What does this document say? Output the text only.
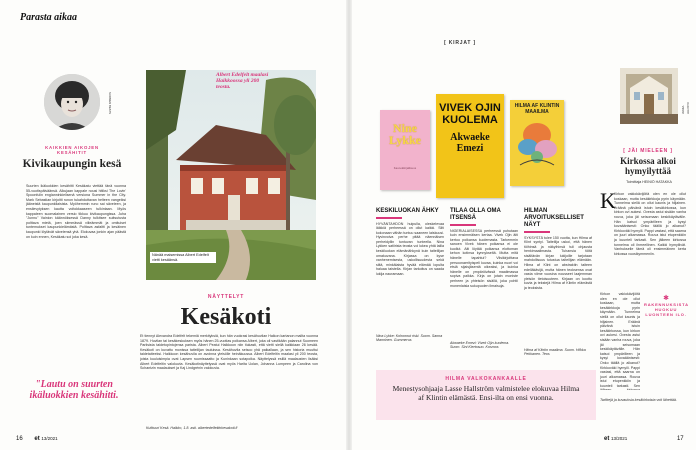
Parasta aikaa
SUOMEN BEATS
KAIKKIEN AIKOJEN KESÄHITIT
Kivikaupungin kesä
Suurten ikäluokkien kesähitti Kesäkatu viettää tänä vuonna 55-vuotispäiväänsä. Alkujaan kappale nousi hitiksi The Lovin' Spoonfulin englanninkielisenä versiona Summer in the City. Mark Sebastian kirjoitti runon tukahduttavan helteen vangeiksi jääneistä kaupunkilaisista. Myöhemmin runo sai säveleen, ja ensilevytyksen kautta voitokkaaseen tulkintaan. Myös kappaleen suomalainen versio tikkuu kivikaupungissa. Juha "Junnu" Vainion käännöksessä Danny tulkitsee suitsutusta polttava mietä, joen siimmässä viileämmät ja omituiset tuntemukset kaupunkielämästä. Polttava asfaltti ja kesäinen kaupunki löytävät sävelensä yhä. Elokuvaa jonkin ajan päästä on kuin ennen, Kesäkatu soi joka kesä.
"Lautu on suurten ikäluokkien kesähitti.
Nänää maisemissa Albert Edelfelt vietti kesäänsä.
Albert Edelfelt maalasi Haikkoossa yli 200 teosta.
NÄYTTELYT
Kesäkoti
Et tiennyt Alexandra Edelfelt tekemiä merkityksiä, kun hän vuokrasi kesähuvilan Haikon kartanon mailta vuonna 1879. Huvilan tai kesäkeskuksen myös hänen 25-vuotias poikansa Albert, joka oli vastikään palannut Suomeen Pariisista taidetopintojensa parista. Albert Peatui Haikkoon niin tiukasti, että vietti siellä kaikkiaan 26 kesää. Kesäkoti on kuvattu monissa taiteilijan tauluissa. Kesähuvila seisoo yhä paikallaan, ja sen historia muuttui taidetaiteeksi. Haikkoon kesähuvila on avoinna yleisölle heinäkuussa. Albert Edelfeltin maalasi yli 200 teosta, joista kuuluisimpia ovat Lapsen ruumissaatto ja Kuninkaan sotapoika. Näyttelyssä esillä maalausten lisäksi Albert Edelfeltin valokuvia. Kesäkotinäyttelyssä ovat myös Harita Uolan, Johanna Lumpeen ja Carolina von Schantzin maalaukset ja Kaj Lindgrénin valokuvia.
Kulttuuri Kesä. Haikko, 1.8. asti. albertedelfeltinkesakoti.fi
16 et 13/2021
[ KIRJAT ]
Nine Lykke
Kaunokkirjallisuus
VIVEK OJIN KUOLEMA
Akwaeke Emezi
HILMA AF KLINTIN MAAILMA
KESKILUOKAN ÄHKY
HYVÄNTAHDON huipulla, oleskelevaa läikkiä perheessä on ollut kaikki. Silti kokonaan vähän tuntuu saaneen laiskuusi. Hyvinvoiva perhe pitää näennäisen perheidyllin tuntuvan tunteella. Nina Lykken satiirista teosta voi lukea yhtä lailla keskiluokan elämänähkynä kuin taiteilijan omakuvana. Kirjassa on kyse vanhenemisesta, uskollisuudesta sekä siitä, minkälaista hyvää elämää lopulta haluaa taistella. Kirjan tarkoitus on saada lukija nauramaan.
Nina Lykke: Kohonnut riski. Suom. Sanna Manninen. Gummerus
TILAA OLLA OMA ITSENSÄ
NIGERIALAISESSA perheessä puhutaan kuin ensimmäisen kertaa. Vivek Ojin äiti kertoo poikansa kuolemasta. Tarkemmin sanoen Vivek hänen poikansa ei ole kuollut. Aiti löytää poikansa elottoman kehon kotinsa kynnykseltä. Mutta mitä hänelle tapahtui? Viisikirjoittava persoonaerityispeli kuvaa, kuinka nuori voi etsiä sijaisjäsentä oikeaksi, ja kuinka hänelle on ympäröivässä maailmassa sopiva paikka. Kirja on jotain moniste perheen ja yhteisön sisällä, joka pohtii monenlaisia sukupuolen ilmaisuja.
Akwaeke Emezi: Vivek Ojin kuolema. Suom. Sini Kiertosuo. Kosmos
HILMAN ARVOITUKSELLISET NÄYT
SYKSYSTÄ tulee 150 vuotta, kun Hilma af Klint syntyi. Taiteilija uskoi, että hänen töihinsä ja näkyihinsä tuli ohjausta henkimaailmasta. Tuhansia töitä sisältävän kirjan lukijoille tarjotaan mahdollisuus tutustua taiteilijan elämään. Hilma af Klint on abstraktin taiteen edelläkävijä, mutta hänen teoksensa ovat vasta viime vuosina nousseet laajemman yleisön tietoisuuteen. Kirjaan on koottu kuvia ja tekstejä Hilma af Klintin elämästä ja teoksista.
Hilma af Klintin maailma. Suom. Hilkka Pekkanen. Teos
HILMA VALKOKANKAALLE
Menestysohjaaja Lasse Hallström valmistelee elokuvaa Hilma af Klintin elämästä. Ensi-ilta on ensi vuonna.
JUKKA JALOSTO
[ JÄI MIELEEN ]
Kirkossa alkoi hymyilyttää
Toimittaja HEINIÖ HATAKKA
K
Kirkon vakiokävijöitä olen en ole ollut koskaan, mutta kesäkirkkoja pyrin käymään. Tunnelma siellä on ollut kaunis ja hiljainen. Eräänä päivänä istuin kesäkirkossa, kun kirkon ovi aukesi. Ovesta astui sisään vanha rouva, joka jäi seisomaan keskikäytävälle. Hän katsoi ympärilleen ja kysyi kovaäänisesti: Onko täällä jo alkanut? Kirkkoväki hymyili. Pappi vastasi, että saarna on juuri alkamassa. Rouva istui etupenkkiin ja kuunteli tarkasti. Sen jälkeen kirkossa tunnelma oli ihmeellinen. Kaikki hymyilivät. Vanhukselle tämä oli ensimmäinen kerta kirkossa vuosikymmeniin.
Kirkon vakiokävijöitä olen en ole ollut koskaan, mutta kesäkirkkoja pyrin käymään. Tunnelma siellä on ollut kaunis ja hiljainen. Eräänä päivänä istuin kesäkirkossa, kun kirkon ovi aukesi. Ovesta astui sisään vanha rouva, joka jäi seisomaan keskikäytävälle. Hän katsoi ympärilleen ja kysyi kovaäänisesti: Onko täällä jo alkanut? Kirkkoväki hymyili. Pappi vastasi, että saarna on juuri alkamassa. Rouva istui etupenkkiin ja kuunteli tarkasti. Sen
✱
RAKENNUKSISTA HUOKUU LUONTEEN ILO.
Twiittejä ja kuvauksia kesäkirkoista voit lähettää.
et 13/2021	17
